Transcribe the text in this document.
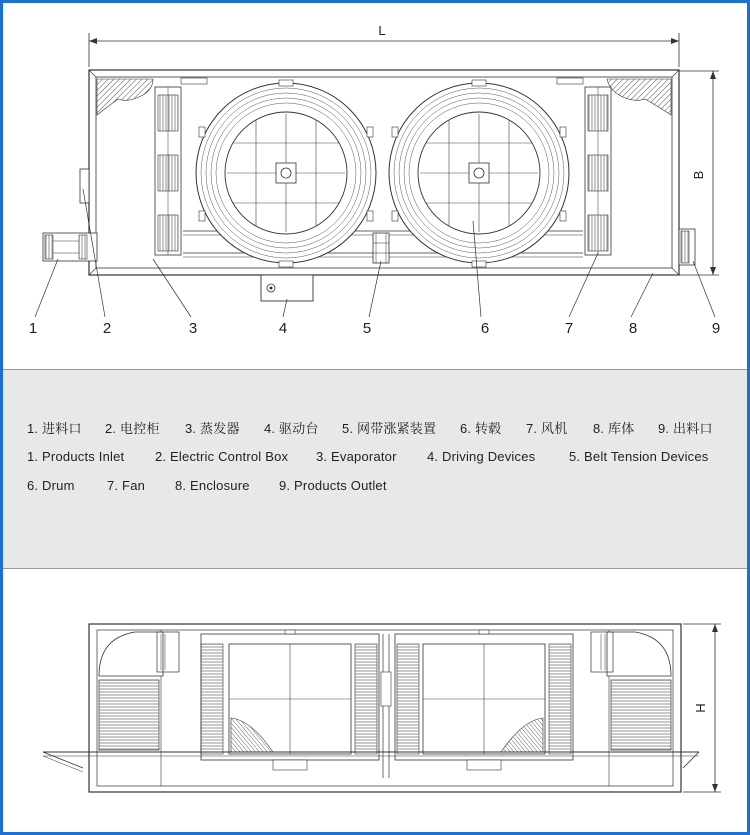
L
B
1	2	3	4	5	6	7	8	9
1. 进料口 2. 电控柜 3. 蒸发器 4. 驱动台 5. 网带涨紧装置 6. 转毂 7. 风机 8. 库体 9. 出料口
1. Products Inlet 2. Electric Control Box 3. Evaporator 4. Driving Devices	5. Belt Tension Devices
6. Drum 7. Fan 8. Enclosure 9. Products Outlet
H
